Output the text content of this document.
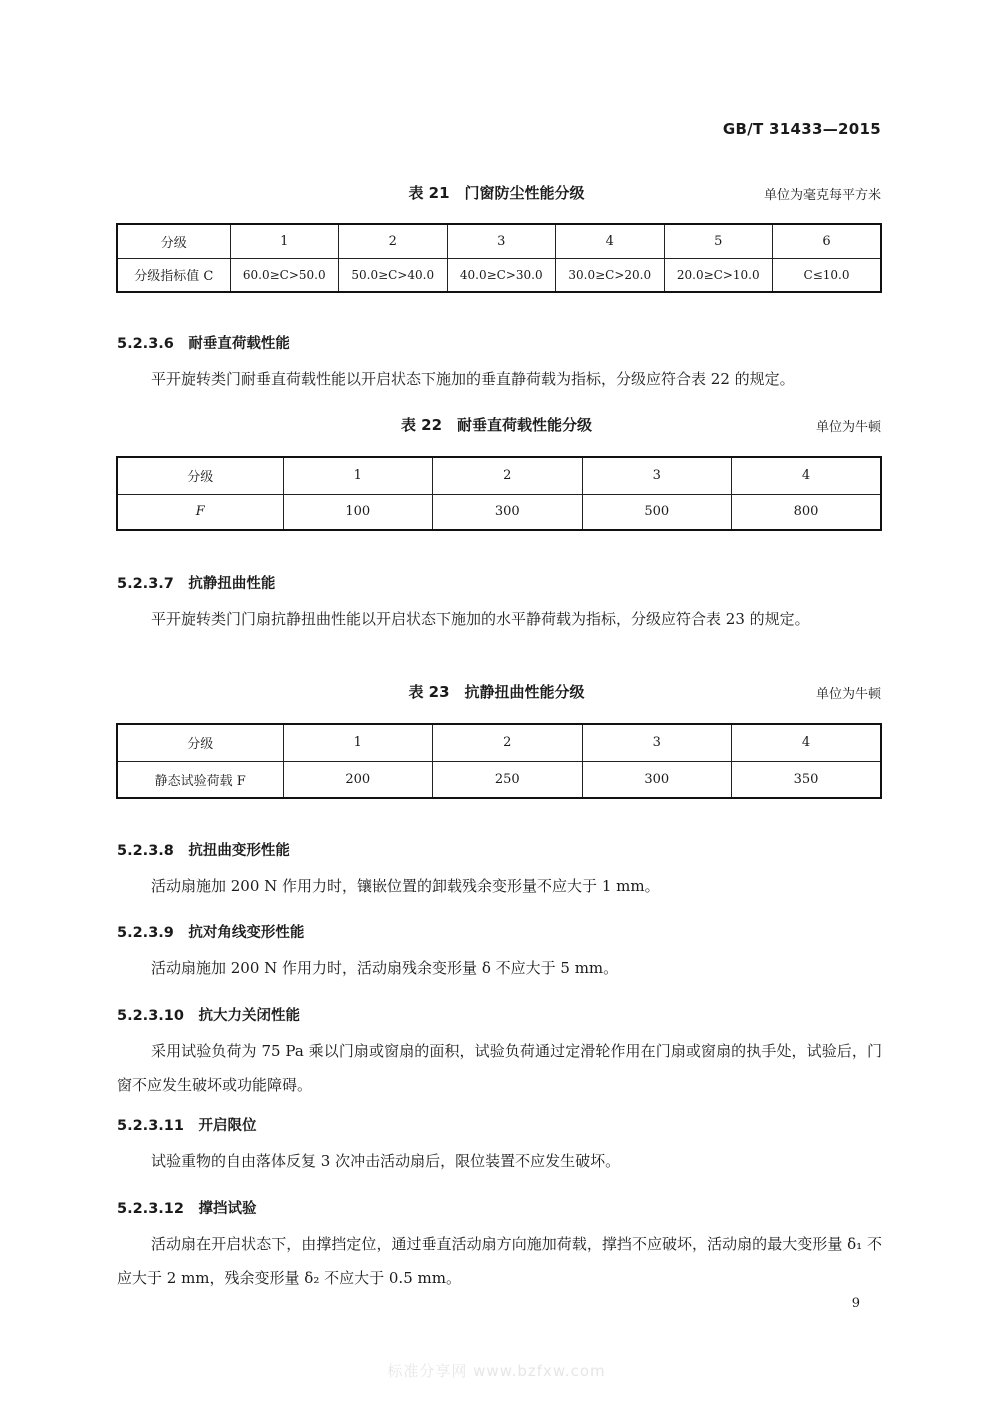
GB/T 31433—2015
表 21　门窗防尘性能分级	单位为毫克每平方米
分级	1	2	3	4	5	6
分级指标值 C	60.0≥C>50.0	50.0≥C>40.0	40.0≥C>30.0	30.0≥C>20.0	20.0≥C>10.0	C≤10.0
5.2.3.6　耐垂直荷载性能
平开旋转类门耐垂直荷载性能以开启状态下施加的垂直静荷载为指标，分级应符合表 22 的规定。
表 22　耐垂直荷载性能分级	单位为牛顿
分级	1	2	3	4
F	100	300	500	800
5.2.3.7　抗静扭曲性能
平开旋转类门门扇抗静扭曲性能以开启状态下施加的水平静荷载为指标，分级应符合表 23 的规定。
表 23　抗静扭曲性能分级	单位为牛顿
分级	1	2	3	4
静态试验荷载 F	200	250	300	350
5.2.3.8　抗扭曲变形性能
活动扇施加 200 N 作用力时，镶嵌位置的卸载残余变形量不应大于 1 mm。
5.2.3.9　抗对角线变形性能
活动扇施加 200 N 作用力时，活动扇残余变形量 δ 不应大于 5 mm。
5.2.3.10　抗大力关闭性能
采用试验负荷为 75 Pa 乘以门扇或窗扇的面积，试验负荷通过定滑轮作用在门扇或窗扇的执手处，试验后，门窗不应发生破坏或功能障碍。
5.2.3.11　开启限位
试验重物的自由落体反复 3 次冲击活动扇后，限位装置不应发生破坏。
5.2.3.12　撑挡试验
活动扇在开启状态下，由撑挡定位，通过垂直活动扇方向施加荷载，撑挡不应破坏，活动扇的最大变形量 δ₁ 不应大于 2 mm，残余变形量 δ₂ 不应大于 0.5 mm。
9
标准分享网 www.bzfxw.com
